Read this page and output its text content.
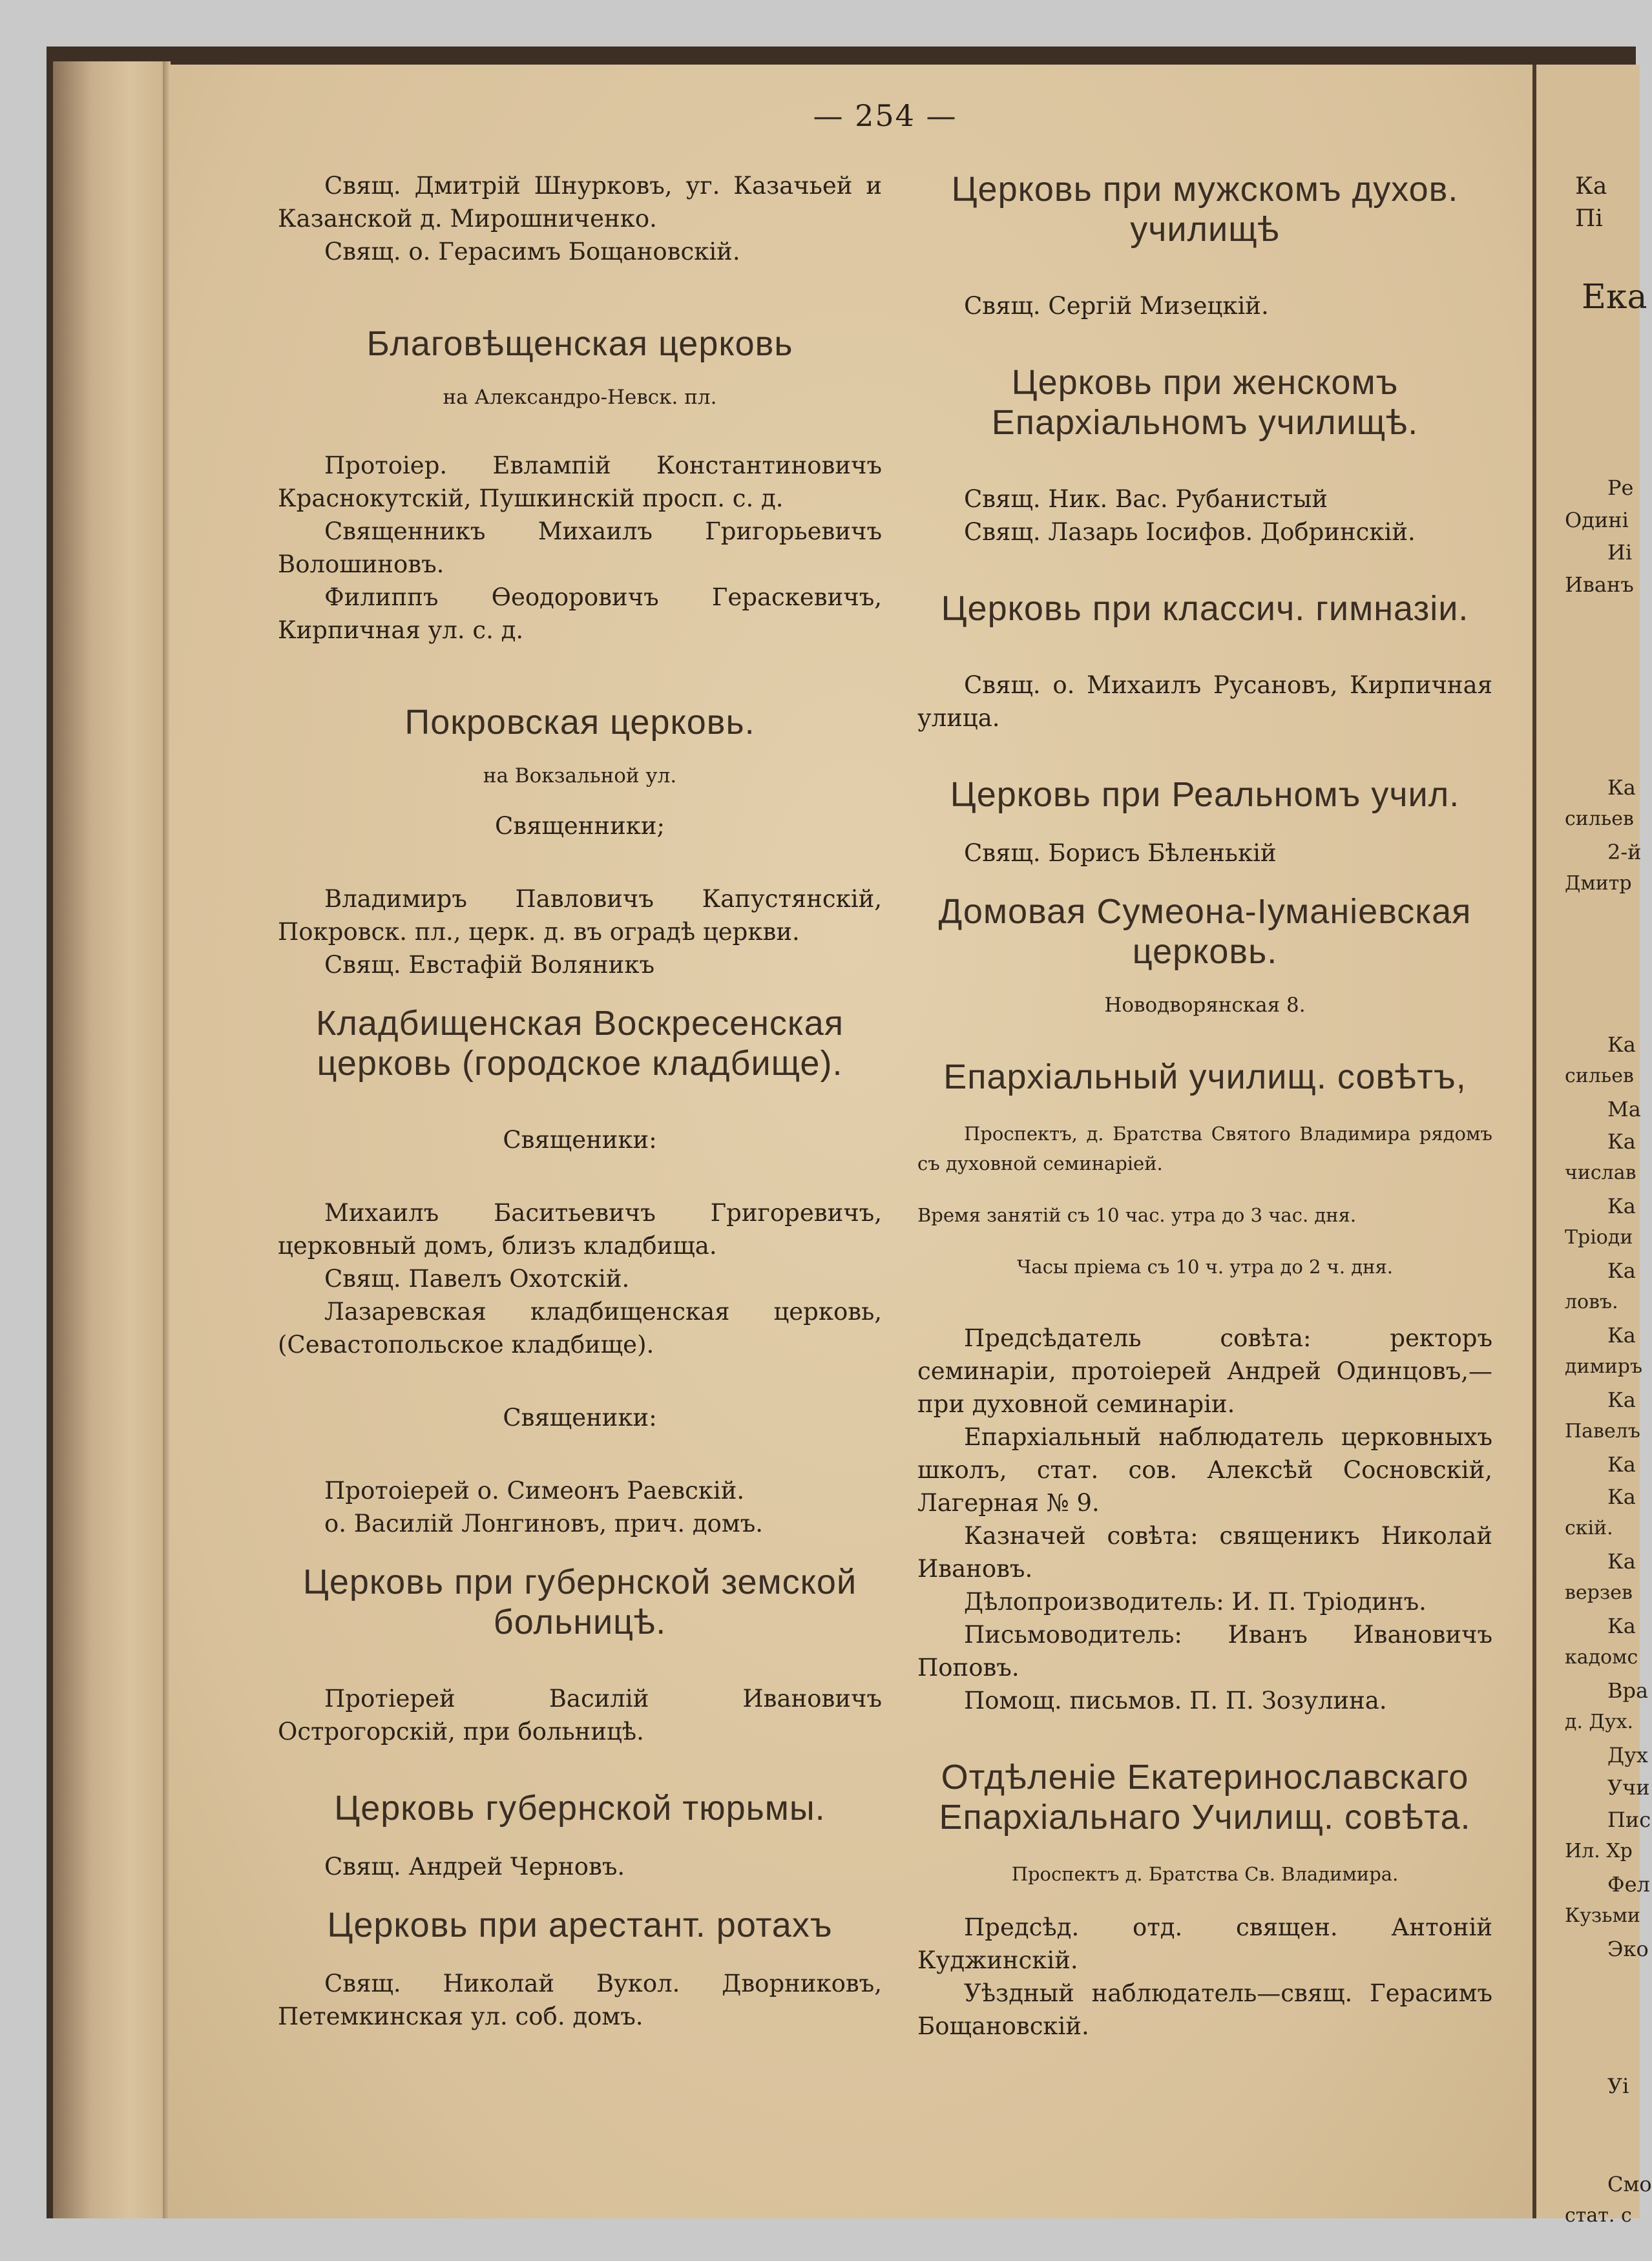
Ка
Пі
Ека
Ре
Одині
Иі
Иванъ
Ка
сильев
2-й
Дмитр
Ка
сильев
Ма
Ка
числав
Ка
Тріоди
Ка
ловъ.
Ка
димиръ
Ка
Павелъ
Ка
Ка
скій.
Ка
верзев
Ка
кадомс
Вра
д. Дух.
Дух
Учи
Пис
Ил. Хр
Фел
Кузьми
Эко
Уі
Смо
стат. с
— 254 —

Свящ. Дмитрій Шнурковъ, уг. Казачьей и Казанской д. Мирошниченко.

Свящ. о. Герасимъ Бощановскій.

Благовѣщенская церковь

на Александро-Невск. пл.

Протоіер. Евлампій Константиновичъ Краснокутскій, Пушкинскій просп. с. д.

Священникъ Михаилъ Григорьевичъ Волошиновъ.

Филиппъ Ѳеодоровичъ Гераскевичъ, Кирпичная ул. с. д.

Покровская церковь.

на Вокзальной ул.

Священники;

Владимиръ Павловичъ Капустянскій, Покровск. пл., церк. д. въ оградѣ церкви.

Свящ. Евстафій Воляникъ

Кладбищенская Воскресенская церковь (городское кладбище).

Священики:

Михаилъ Баситьевичъ Григоревичъ, церковный домъ, близъ кладбища.

Свящ. Павелъ Охотскій.

Лазаревская кладбищенская церковь, (Севастопольское кладбище).

Священики:

Протоіерей о. Симеонъ Раевскій.

о. Василій Лонгиновъ, прич. домъ.

Церковь при губернской земской больницѣ.

Протіерей Василій Ивановичъ Острогорскій, при больницѣ.

Церковь губернской тюрьмы.

Свящ. Андрей Черновъ.

Церковь при арестант. ротахъ

Свящ. Николай Вукол. Дворниковъ, Петемкинская ул. соб. домъ.

Церковь при мужскомъ духов. училищѣ

Свящ. Сергій Мизецкій.

Церковь при женскомъ Епархіальномъ училищѣ.

Свящ. Ник. Вас. Рубанистый

Свящ. Лазарь Іосифов. Добринскій.

Церковь при классич. гимназіи.

Свящ. о. Михаилъ Русановъ, Кирпичная улица.

Церковь при Реальномъ учил.

Свящ. Борисъ Бѣленькій

Домовая Сумеона-Іуманіевская церковь.

Новодворянская 8.

Епархіальный училищ. совѣтъ,

Проспектъ, д. Братства Святого Владимира рядомъ съ духовной семинаріей.

Время занятій съ 10 час. утра до 3 час. дня.

Часы пріема съ 10 ч. утра до 2 ч. дня.

Предсѣдатель совѣта: ректоръ семинаріи, протоіерей Андрей Одинцовъ,— при духовной семинаріи.

Епархіальный наблюдатель церковныхъ школъ, стат. сов. Алексѣй Сосновскій, Лагерная № 9.

Казначей совѣта: священикъ Николай Ивановъ.

Дѣлопроизводитель: И. П. Тріодинъ.

Письмоводитель: Иванъ Ивановичъ Поповъ.

Помощ. письмов. П. П. Зозулина.

Отдѣленіе Екатеринославскаго Епархіальнаго Училищ. совѣта.

Проспектъ д. Братства Св. Владимира.

Предсѣд. отд. священ. Антоній Куджинскій.

Уѣздный наблюдатель—свящ. Герасимъ Бощановскій.
